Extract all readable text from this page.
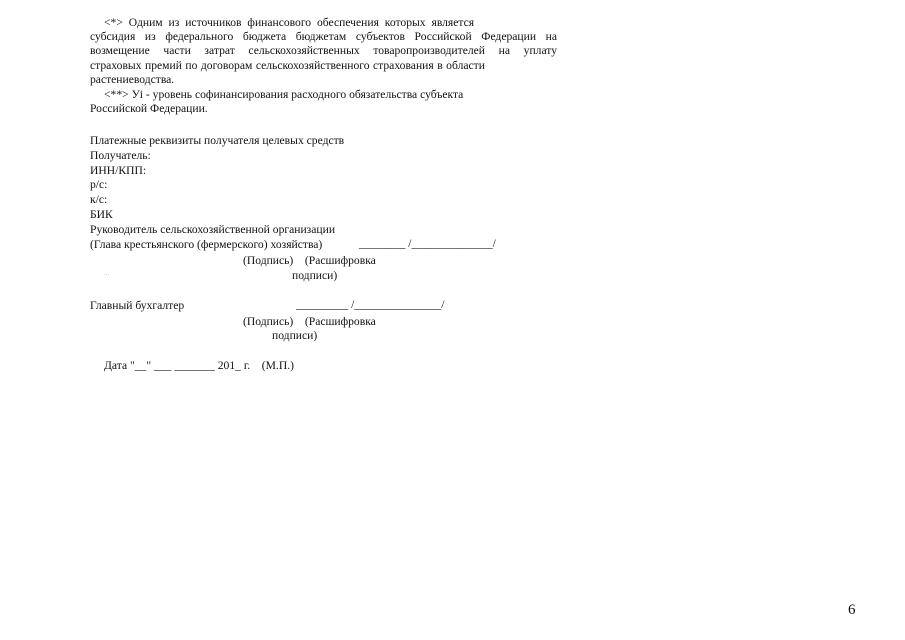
<*> Одним из источников финансового обеспечения которых является
субсидия из федерального бюджета бюджетам субъектов Российской Федерации на
возмещение части затрат сельскохозяйственных товаропроизводителей на уплату
страховых премий по договорам сельскохозяйственного страхования в области
растениеводства.
<**> Уi - уровень софинансирования расходного обязательства субъекта
Российской Федерации.
Платежные реквизиты получателя целевых средств
Получатель:
ИНН/КПП:
р/с:
к/с:
БИК
Руководитель сельскохозяйственной организации
(Глава крестьянского (фермерского) хозяйства)	________ /______________/
(Подпись)    (Расшифровка
...	подписи)
Главный бухгалтер	_________ /_______________/
(Подпись)    (Расшифровка
подписи)
Дата "__" ___ _______ 201_ г.    (М.П.)
6
